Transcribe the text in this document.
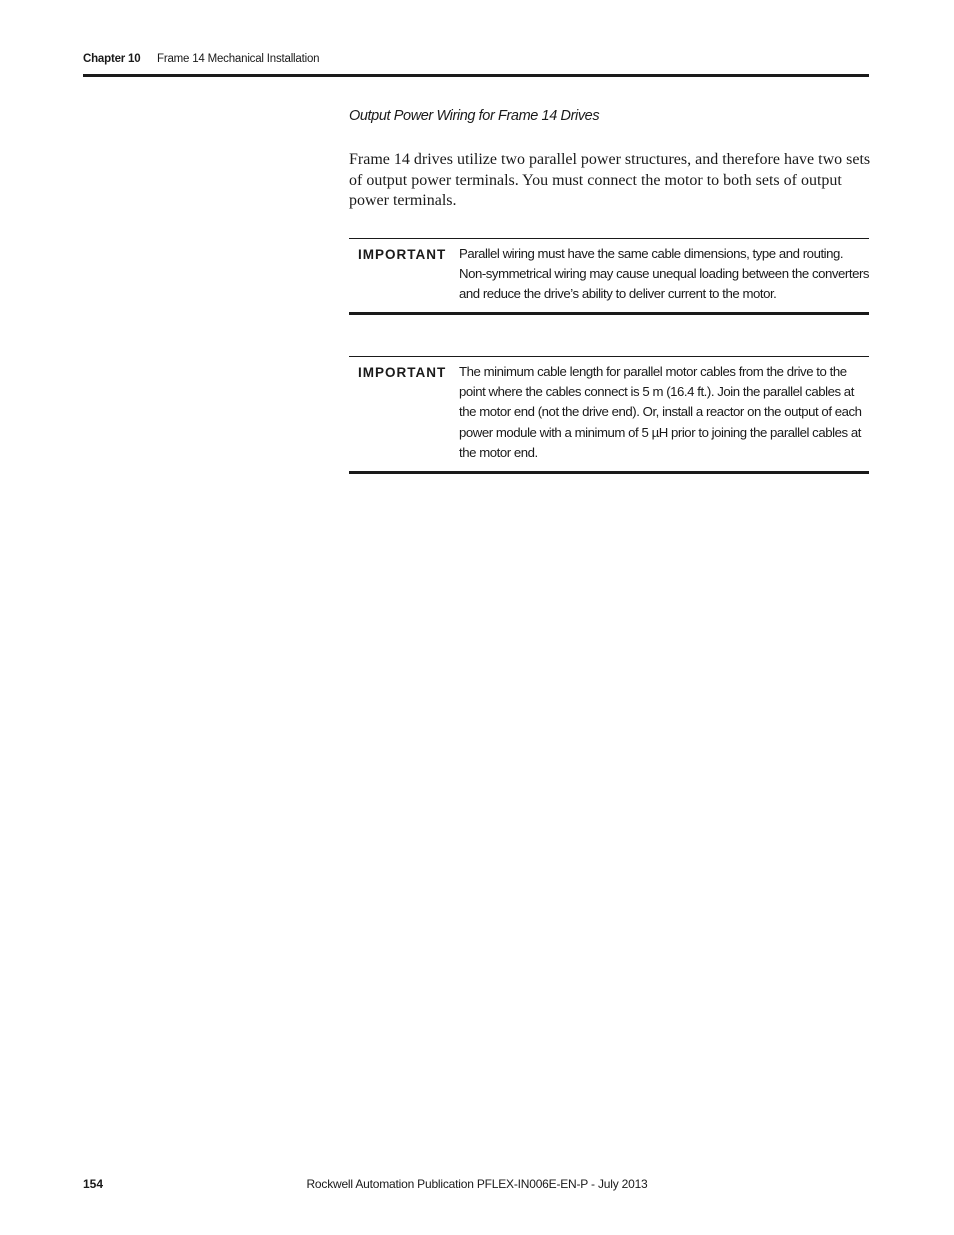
Chapter 10 Frame 14 Mechanical Installation
Output Power Wiring for Frame 14 Drives

Frame 14 drives utilize two parallel power structures, and therefore have two sets of output power terminals. You must connect the motor to both sets of output power terminals.

IMPORTANT Parallel wiring must have the same cable dimensions, type and routing. Non-symmetrical wiring may cause unequal loading between the converters and reduce the drive’s ability to deliver current to the motor.
IMPORTANT The minimum cable length for parallel motor cables from the drive to the point where the cables connect is 5 m (16.4 ft.). Join the parallel cables at the motor end (not the drive end). Or, install a reactor on the output of each power module with a minimum of 5 µH prior to joining the parallel cables at the motor end.
154	Rockwell Automation Publication PFLEX-IN006E-EN-P - July 2013
